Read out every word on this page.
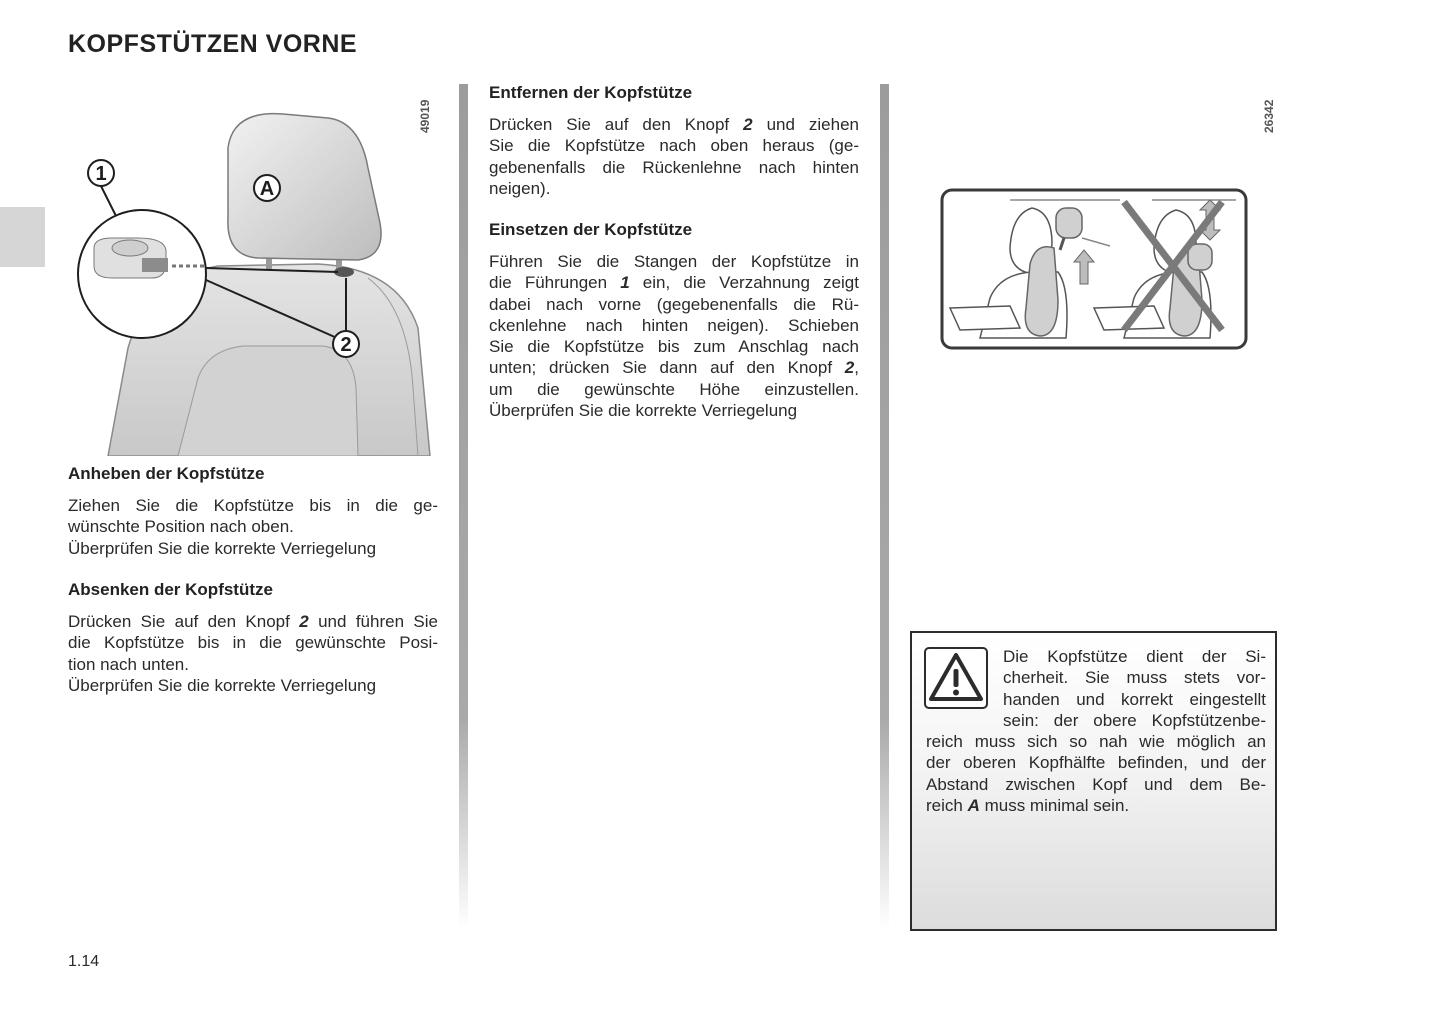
KOPFSTÜTZEN VORNE
1
A
2
49019
Anheben der Kopfstütze

Ziehen Sie die Kopfstütze bis in die ge-
wünschte Position nach oben.
Überprüfen Sie die korrekte Verriegelung

Absenken der Kopfstütze

Drücken Sie auf den Knopf 2 und führen Sie
die Kopfstütze bis in die gewünschte Posi-
tion nach unten.
Überprüfen Sie die korrekte Verriegelung

Entfernen der Kopfstütze

Drücken Sie auf den Knopf 2 und ziehen
Sie die Kopfstütze nach oben heraus (ge-
gebenenfalls die Rückenlehne nach hinten
neigen).

Einsetzen der Kopfstütze

Führen Sie die Stangen der Kopfstütze in
die Führungen 1 ein, die Verzahnung zeigt
dabei nach vorne (gegebenenfalls die Rü-
ckenlehne nach hinten neigen). Schieben
Sie die Kopfstütze bis zum Anschlag nach
unten; drücken Sie dann auf den Knopf 2,
um die gewünschte Höhe einzustellen.
Überprüfen Sie die korrekte Verriegelung

26342

Die Kopfstütze dient der Si-
cherheit. Sie muss stets vor-
handen und korrekt eingestellt
sein: der obere Kopfstützenbe-

reich muss sich so nah wie möglich an
der oberen Kopfhälfte befinden, und der
Abstand zwischen Kopf und dem Be-
reich A muss minimal sein.

1.14
